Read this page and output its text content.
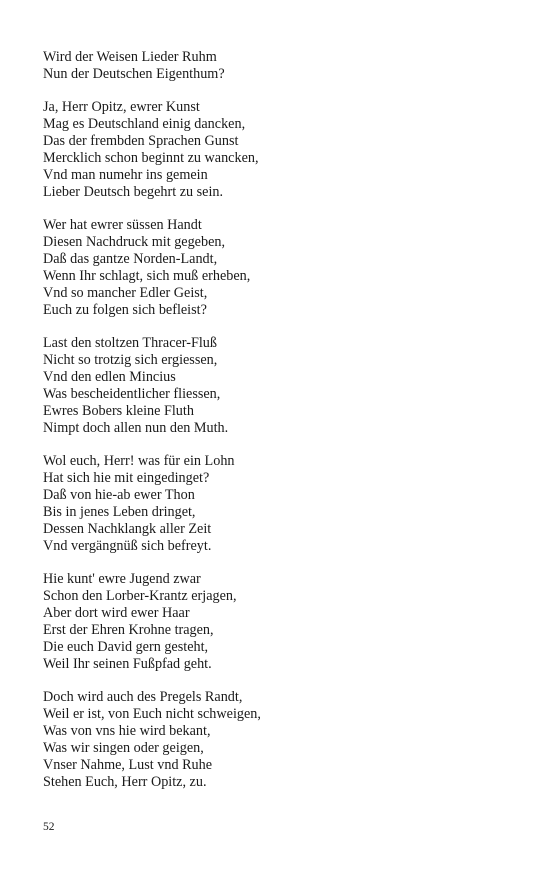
Wird der Weisen Lieder Ruhm
Nun der Deutschen Eigenthum?
Ja, Herr Opitz, ewrer Kunst
Mag es Deutschland einig dancken,
Das der frembden Sprachen Gunst
Mercklich schon beginnt zu wancken,
Vnd man numehr ins gemein
Lieber Deutsch begehrt zu sein.
Wer hat ewrer süssen Handt
Diesen Nachdruck mit gegeben,
Daß das gantze Norden-Landt,
Wenn Ihr schlagt, sich muß erheben,
Vnd so mancher Edler Geist,
Euch zu folgen sich befleist?
Last den stoltzen Thracer-Fluß
Nicht so trotzig sich ergiessen,
Vnd den edlen Mincius
Was bescheidentlicher fliessen,
Ewres Bobers kleine Fluth
Nimpt doch allen nun den Muth.
Wol euch, Herr! was für ein Lohn
Hat sich hie mit eingedinget?
Daß von hie-ab ewer Thon
Bis in jenes Leben dringet,
Dessen Nachklangk aller Zeit
Vnd vergängnüß sich befreyt.
Hie kunt' ewre Jugend zwar
Schon den Lorber-Krantz erjagen,
Aber dort wird ewer Haar
Erst der Ehren Krohne tragen,
Die euch David gern gesteht,
Weil Ihr seinen Fußpfad geht.
Doch wird auch des Pregels Randt,
Weil er ist, von Euch nicht schweigen,
Was von vns hie wird bekant,
Was wir singen oder geigen,
Vnser Nahme, Lust vnd Ruhe
Stehen Euch, Herr Opitz, zu.
52
